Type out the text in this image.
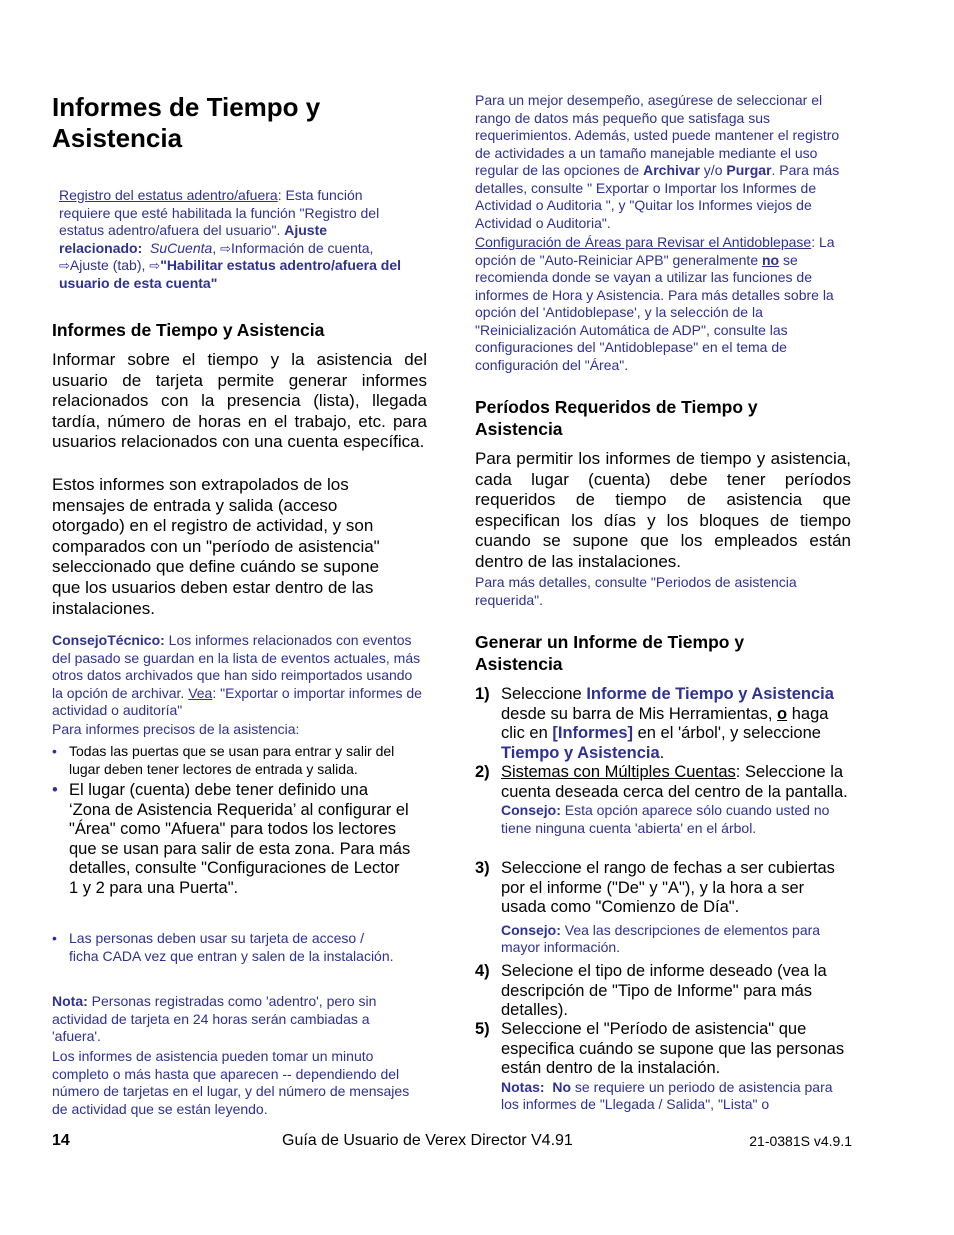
Informes de Tiempo y Asistencia
Registro del estatus adentro/afuera: Esta función requiere que esté habilitada la función "Registro del estatus adentro/afuera del usuario". Ajuste relacionado: SuCuenta, ⇨Información de cuenta, ⇨Ajuste (tab), ⇨"Habilitar estatus adentro/afuera del usuario de esta cuenta"
Informes de Tiempo y Asistencia
Informar sobre el tiempo y la asistencia del usuario de tarjeta permite generar informes relacionados con la presencia (lista), llegada tardía, número de horas en el trabajo, etc. para usuarios relacionados con una cuenta específica.
Estos informes son extrapolados de los mensajes de entrada y salida (acceso otorgado) en el registro de actividad, y son comparados con un "período de asistencia" seleccionado que define cuándo se supone que los usuarios deben estar dentro de las instalaciones.
ConsejoTécnico: Los informes relacionados con eventos del pasado se guardan en la lista de eventos actuales, más otros datos archivados que han sido reimportados usando la opción de archivar. Vea: "Exportar o importar informes de actividad o auditoría"
Para informes precisos de la asistencia:
• Todas las puertas que se usan para entrar y salir del lugar deben tener lectores de entrada y salida.
• El lugar (cuenta) debe tener definido una ‘Zona de Asistencia Requerida’ al configurar el "Área" como "Afuera" para todos los lectores que se usan para salir de esta zona. Para más detalles, consulte "Configuraciones de Lector 1 y 2 para una Puerta".
• Las personas deben usar su tarjeta de acceso / ficha CADA vez que entran y salen de la instalación.
Nota: Personas registradas como 'adentro', pero sin actividad de tarjeta en 24 horas serán cambiadas a 'afuera'.
Los informes de asistencia pueden tomar un minuto completo o más hasta que aparecen -- dependiendo del número de tarjetas en el lugar, y del número de mensajes de actividad que se están leyendo.
Para un mejor desempeño, asegúrese de seleccionar el rango de datos más pequeño que satisfaga sus requerimientos. Además, usted puede mantener el registro de actividades a un tamaño manejable mediante el uso regular de las opciones de Archivar y/o Purgar. Para más detalles, consulte " Exportar o Importar los Informes de Actividad o Auditoria ", y "Quitar los Informes viejos de Actividad o Auditoria".
Configuración de Áreas para Revisar el Antidoblepase: La opción de "Auto-Reiniciar APB" generalmente no se recomienda donde se vayan a utilizar las funciones de informes de Hora y Asistencia. Para más detalles sobre la opción del 'Antidoblepase', y la selección de la "Reinicialización Automática de ADP", consulte las configuraciones del "Antidoblepase" en el tema de configuración del "Área".
Períodos Requeridos de Tiempo y Asistencia
Para permitir los informes de tiempo y asistencia, cada lugar (cuenta) debe tener períodos requeridos de tiempo de asistencia que especifican los días y los bloques de tiempo cuando se supone que los empleados están dentro de las instalaciones.
Para más detalles, consulte "Periodos de asistencia requerida".
Generar un Informe de Tiempo y Asistencia
1) Seleccione Informe de Tiempo y Asistencia desde su barra de Mis Herramientas, o haga clic en [Informes] en el 'árbol', y seleccione Tiempo y Asistencia.
2) Sistemas con Múltiples Cuentas: Seleccione la cuenta deseada cerca del centro de la pantalla.
Consejo: Esta opción aparece sólo cuando usted no tiene ninguna cuenta 'abierta' en el árbol.
3) Seleccione el rango de fechas a ser cubiertas por el informe ("De" y "A"), y la hora a ser usada como "Comienzo de Día".
Consejo: Vea las descripciones de elementos para mayor información.
4) Selecione el tipo de informe deseado (vea la descripción de "Tipo de Informe" para más detalles).
5) Seleccione el "Período de asistencia" que especifica cuándo se supone que las personas están dentro de la instalación.
Notas: No se requiere un periodo de asistencia para los informes de "Llegada / Salida", "Lista" o
14	Guía de Usuario de Verex Director V4.91	21-0381S v4.9.1
